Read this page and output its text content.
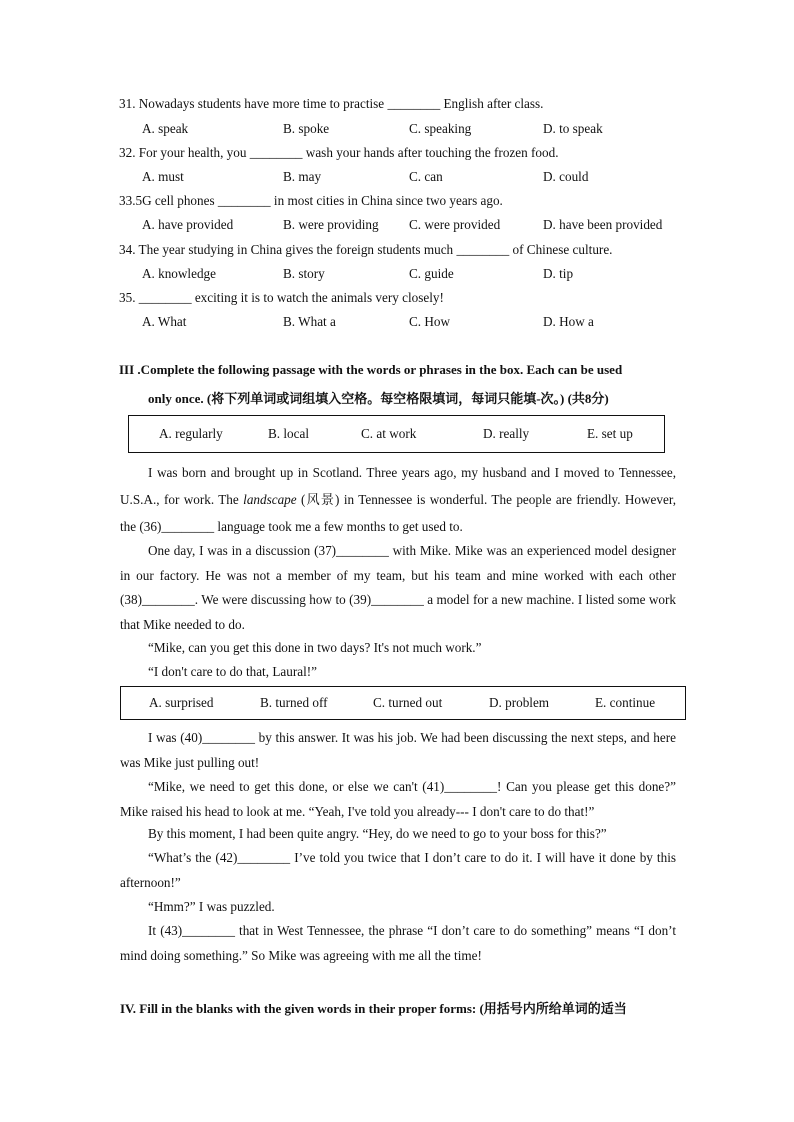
31. Nowadays students have more time to practise ________ English after class.
A. speak	B. spoke	C. speaking	D. to speak
32. For your health, you ________ wash your hands after touching the frozen food.
A. must	B. may	C. can	D. could
33.5G cell phones ________ in most cities in China since two years ago.
A. have provided	B. were providing C. were provided	D. have been provided
34. The year studying in China gives the foreign students much ________ of Chinese culture.
A. knowledge	B. story	C. guide	D. tip
35. ________ exciting it is to watch the animals very closely!
A. What	B. What a	C. How	D. How a
III .Complete the following passage with the words or phrases in the box. Each can be used
only once. (将下列单词或词组填入空格。每空格限填词，每词只能填-次。) (共8分)
A. regularly	B. local	C. at work	D. really	E. set up

I was born and brought up in Scotland. Three years ago, my husband and I moved to Tennessee, U.S.A., for work. The landscape (风景) in Tennessee is wonderful. The people are friendly. However, the (36)________ language took me a few months to get used to.

One day, I was in a discussion (37)________ with Mike. Mike was an experienced model designer in our factory. He was not a member of my team, but his team and mine worked with each other (38)________. We were discussing how to (39)________ a model for a new machine. I listed some work that Mike needed to do.

“Mike, can you get this done in two days? It's not much work.”
“I don't care to do that, Laural!”
A. surprised	B. turned off	C. turned out	D. problem	E. continue

I was (40)________ by this answer. It was his job. We had been discussing the next steps, and here was Mike just pulling out!

“Mike, we need to get this done, or else we can't (41)________! Can you please get this done?” Mike raised his head to look at me. “Yeah, I've told you already--- I don't care to do that!”

By this moment, I had been quite angry. “Hey, do we need to go to your boss for this?”

“What’s the (42)________ I’ve told you twice that I don’t care to do it. I will have it done by this afternoon!”

“Hmm?” I was puzzled.

It (43)________ that in West Tennessee, the phrase “I don’t care to do something” means “I don’t mind doing something.” So Mike was agreeing with me all the time!

IV. Fill in the blanks with the given words in their proper forms: (用括号内所给单词的适当
